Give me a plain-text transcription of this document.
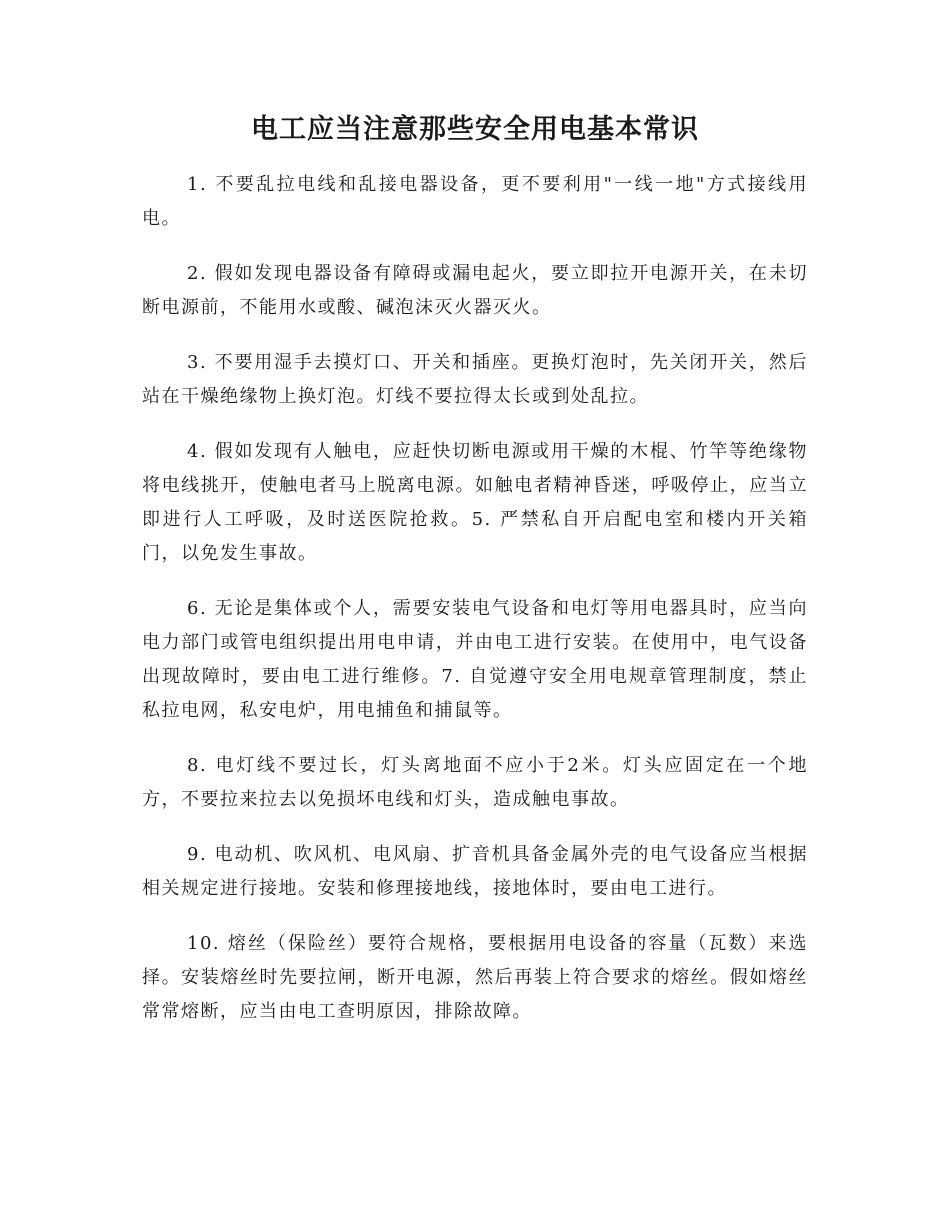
电工应当注意那些安全用电基本常识

1. 不要乱拉电线和乱接电器设备，更不要利用"一线一地"方式接线用电。

2. 假如发现电器设备有障碍或漏电起火，要立即拉开电源开关，在未切断电源前，不能用水或酸、碱泡沫灭火器灭火。

3. 不要用湿手去摸灯口、开关和插座。更换灯泡时，先关闭开关，然后站在干燥绝缘物上换灯泡。灯线不要拉得太长或到处乱拉。

4. 假如发现有人触电，应赶快切断电源或用干燥的木棍、竹竿等绝缘物将电线挑开，使触电者马上脱离电源。如触电者精神昏迷，呼吸停止，应当立即进行人工呼吸，及时送医院抢救。5. 严禁私自开启配电室和楼内开关箱门，以免发生事故。

6. 无论是集体或个人，需要安装电气设备和电灯等用电器具时，应当向电力部门或管电组织提出用电申请，并由电工进行安装。在使用中，电气设备出现故障时，要由电工进行维修。7. 自觉遵守安全用电规章管理制度，禁止私拉电网，私安电炉，用电捕鱼和捕鼠等。

8. 电灯线不要过长，灯头离地面不应小于2米。灯头应固定在一个地方，不要拉来拉去以免损坏电线和灯头，造成触电事故。

9. 电动机、吹风机、电风扇、扩音机具备金属外壳的电气设备应当根据相关规定进行接地。安装和修理接地线，接地体时，要由电工进行。

10. 熔丝（保险丝）要符合规格，要根据用电设备的容量（瓦数）来选择。安装熔丝时先要拉闸，断开电源，然后再装上符合要求的熔丝。假如熔丝常常熔断，应当由电工查明原因，排除故障。
